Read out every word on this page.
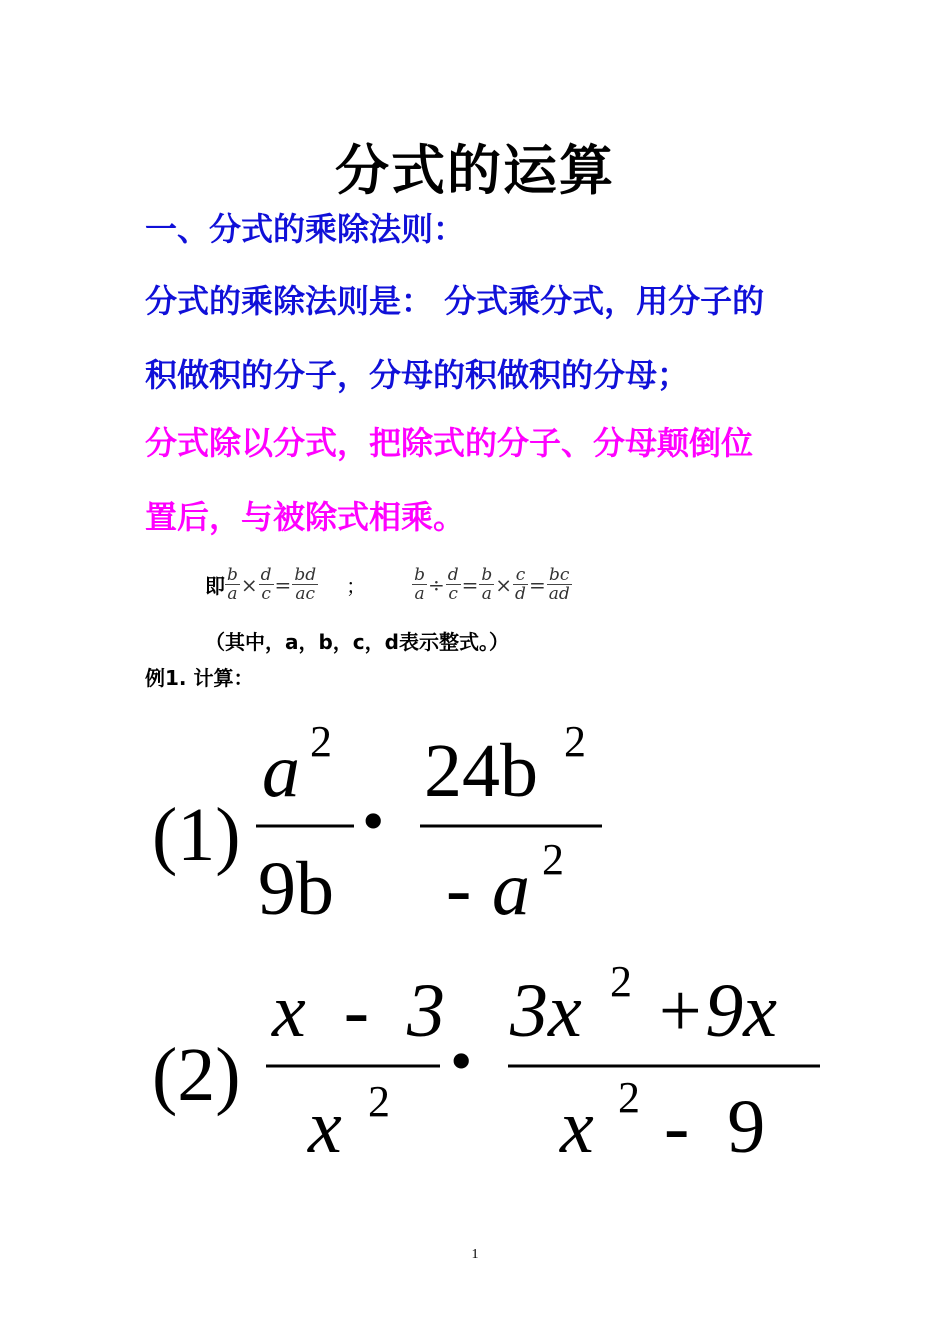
分式的运算
一、分式的乘除法则：
分式的乘除法则是： 分式乘分式，用分子的
积做积的分子，分母的积做积的分母；
分式除以分式，把除式的分子、分母颠倒位
置后，与被除式相乘。
即 $\frac{b}{a} \times \frac{d}{c} = \frac{bd}{ac}$ ；	$\frac{b}{a} \div \frac{d}{c} = \frac{b}{a} \times \frac{c}{d} = \frac{bc}{ad}$
（其中，a，b，c，d表示整式。）
例1. 计算：
(1)
a 2
9b
•
24b 2
- a 2
(2)
x  -  3
x 2
•
3x 2 +9x
x 2 -  9
1
